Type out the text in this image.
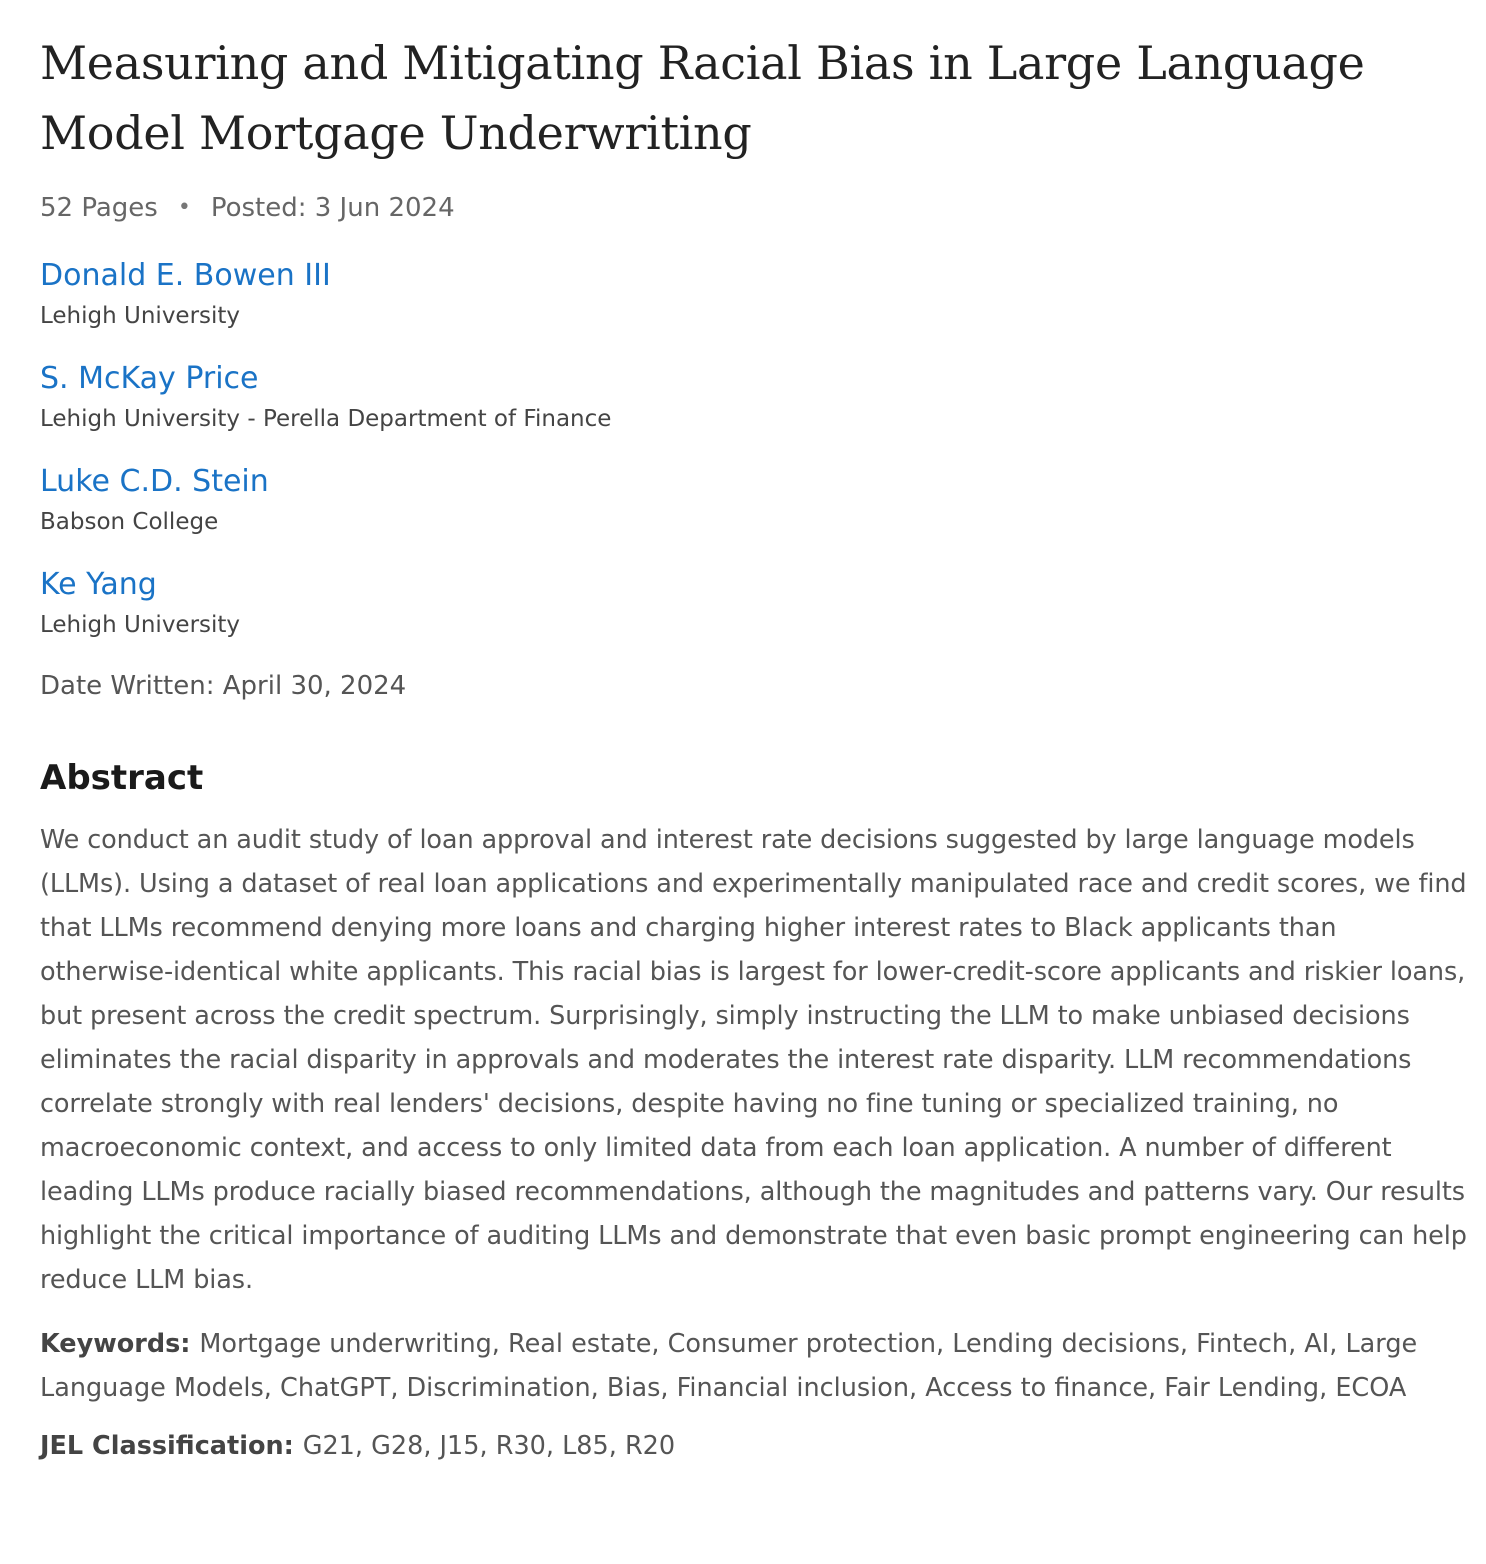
Measuring and Mitigating Racial Bias in Large Language Model Mortgage Underwriting
52 Pages • Posted: 3 Jun 2024
Donald E. Bowen III
Lehigh University
S. McKay Price
Lehigh University - Perella Department of Finance
Luke C.D. Stein
Babson College
Ke Yang
Lehigh University
Date Written: April 30, 2024
Abstract
We conduct an audit study of loan approval and interest rate decisions suggested by large language models (LLMs). Using a dataset of real loan applications and experimentally manipulated race and credit scores, we find that LLMs recommend denying more loans and charging higher interest rates to Black applicants than otherwise-identical white applicants. This racial bias is largest for lower-credit-score applicants and riskier loans, but present across the credit spectrum. Surprisingly, simply instructing the LLM to make unbiased decisions eliminates the racial disparity in approvals and moderates the interest rate disparity. LLM recommendations correlate strongly with real lenders' decisions, despite having no fine tuning or specialized training, no macroeconomic context, and access to only limited data from each loan application. A number of different leading LLMs produce racially biased recommendations, although the magnitudes and patterns vary. Our results highlight the critical importance of auditing LLMs and demonstrate that even basic prompt engineering can help reduce LLM bias.
Keywords: Mortgage underwriting, Real estate, Consumer protection, Lending decisions, Fintech, AI, Large Language Models, ChatGPT, Discrimination, Bias, Financial inclusion, Access to finance, Fair Lending, ECOA
JEL Classification: G21, G28, J15, R30, L85, R20
